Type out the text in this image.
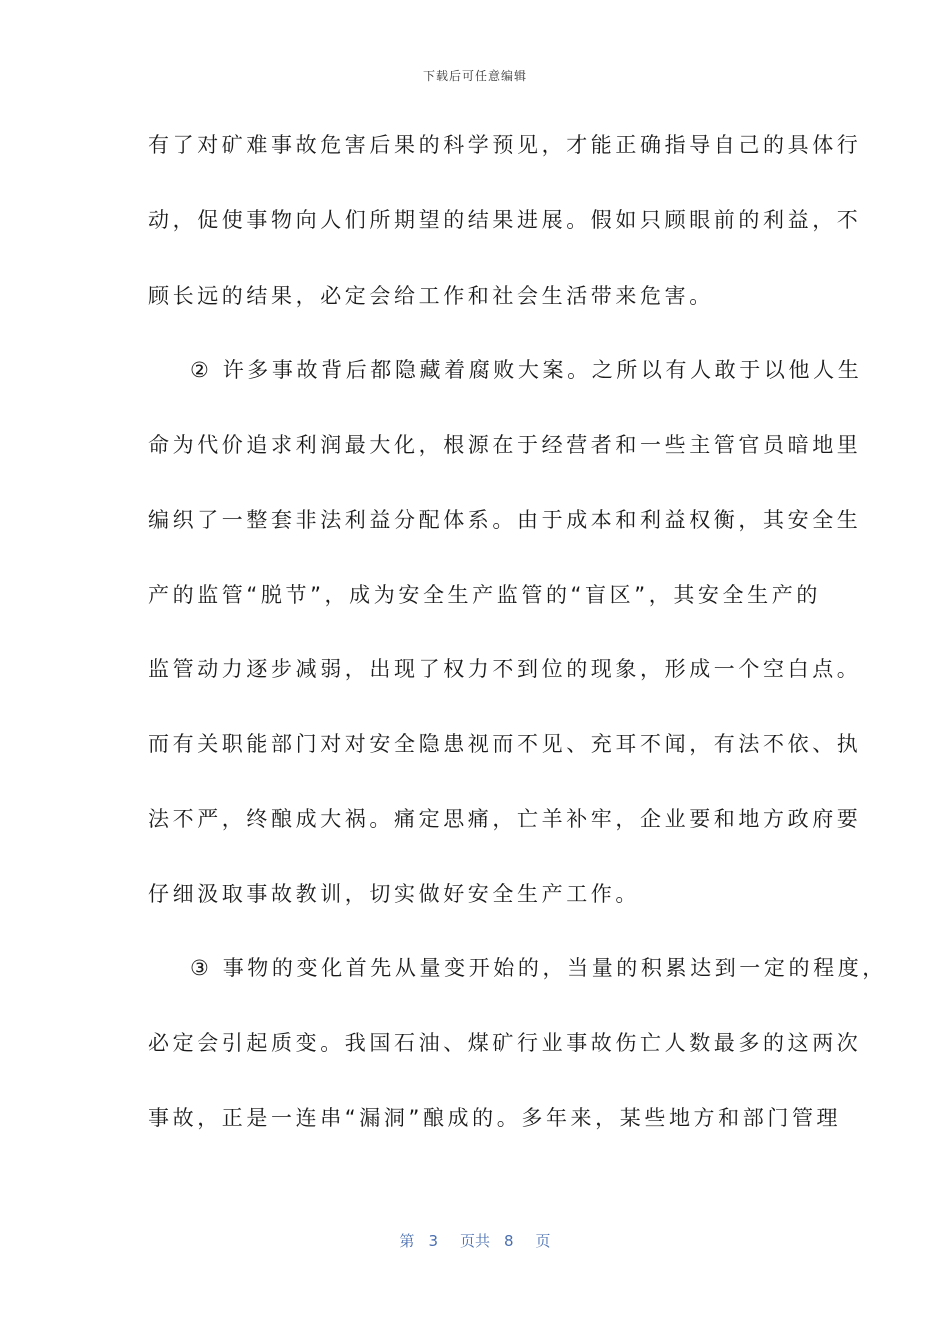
下载后可任意编辑
有了对矿难事故危害后果的科学预见，才能正确指导自己的具体行
动，促使事物向人们所期望的结果进展。假如只顾眼前的利益，不
顾长远的结果，必定会给工作和社会生活带来危害。
② 许多事故背后都隐藏着腐败大案。之所以有人敢于以他人生
命为代价追求利润最大化，根源在于经营者和一些主管官员暗地里
编织了一整套非法利益分配体系。由于成本和利益权衡，其安全生
产的监管“脱节”，成为安全生产监管的“盲区”，其安全生产的
监管动力逐步减弱，出现了权力不到位的现象，形成一个空白点。
而有关职能部门对对安全隐患视而不见、充耳不闻，有法不依、执
法不严，终酿成大祸。痛定思痛，亡羊补牢，企业要和地方政府要
仔细汲取事故教训，切实做好安全生产工作。
③ 事物的变化首先从量变开始的，当量的积累达到一定的程度，
必定会引起质变。我国石油、煤矿行业事故伤亡人数最多的这两次
事故，正是一连串“漏洞”酿成的。多年来，某些地方和部门管理
第 3 页共 8 页
